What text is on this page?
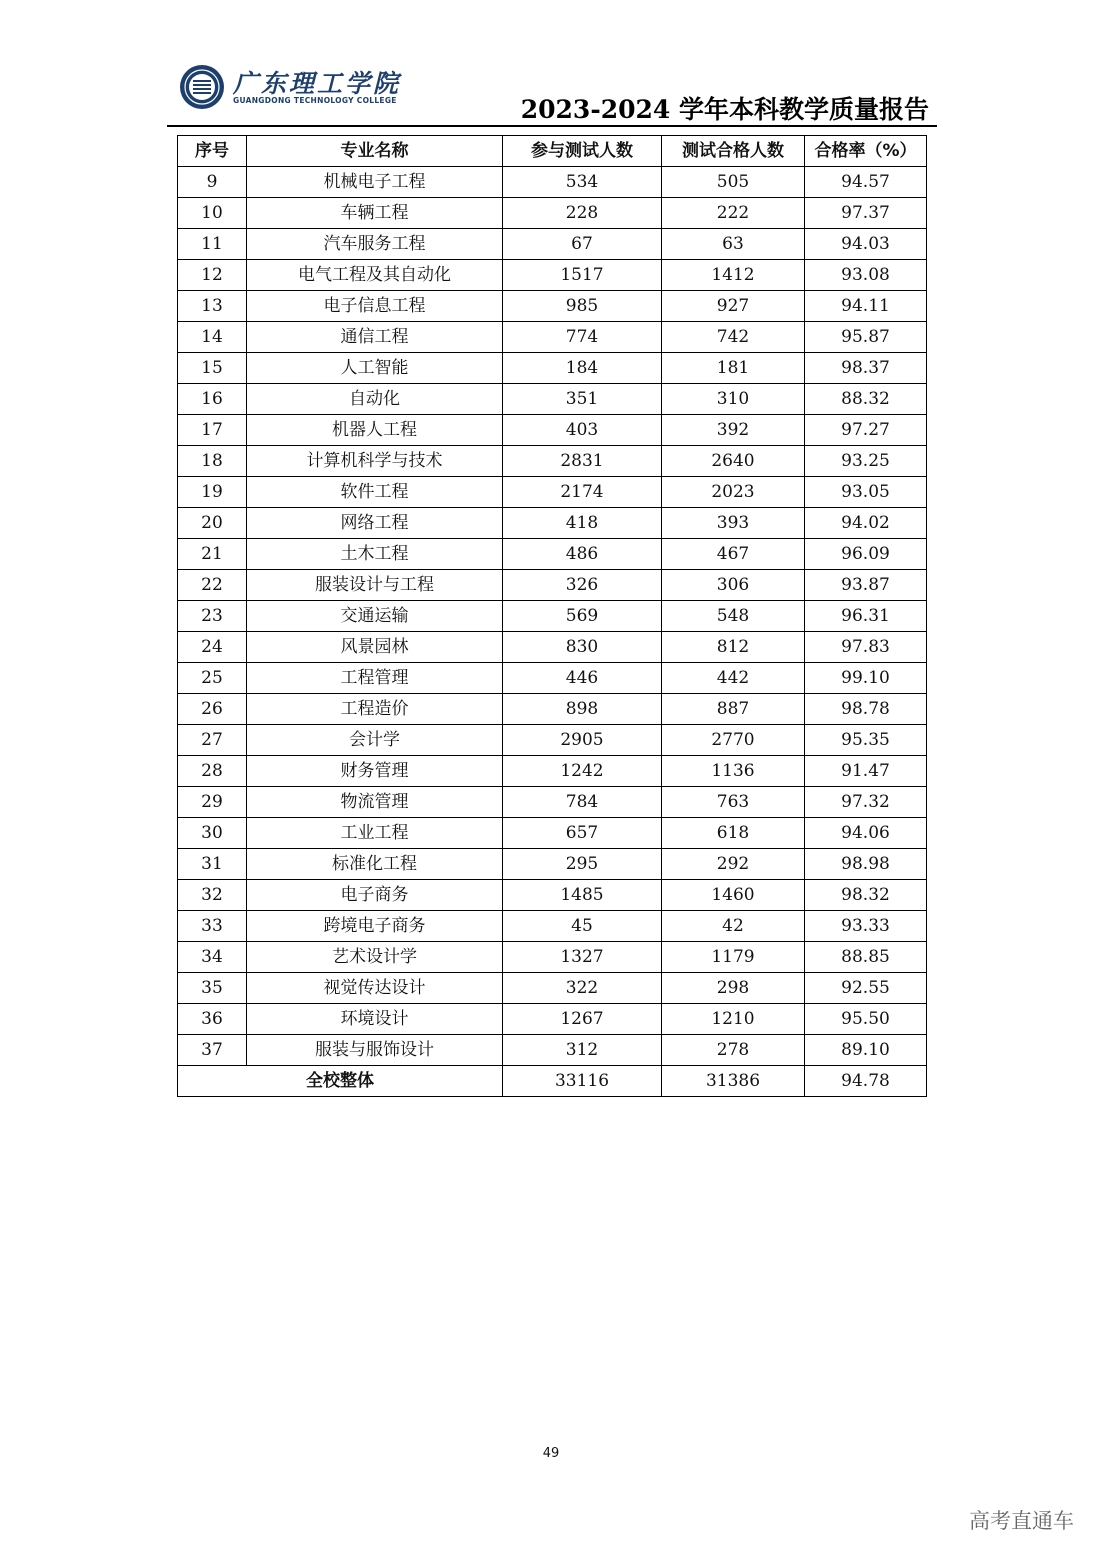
广东理工学院
GUANGDONG TECHNOLOGY COLLEGE	2023-2024 学年本科教学质量报告
序号	专业名称	参与测试人数	测试合格人数	合格率（%）
9	机械电子工程	534	505	94.57
10	车辆工程	228	222	97.37
11	汽车服务工程	67	63	94.03
12	电气工程及其自动化	1517	1412	93.08
13	电子信息工程	985	927	94.11
14	通信工程	774	742	95.87
15	人工智能	184	181	98.37
16	自动化	351	310	88.32
17	机器人工程	403	392	97.27
18	计算机科学与技术	2831	2640	93.25
19	软件工程	2174	2023	93.05
20	网络工程	418	393	94.02
21	土木工程	486	467	96.09
22	服装设计与工程	326	306	93.87
23	交通运输	569	548	96.31
24	风景园林	830	812	97.83
25	工程管理	446	442	99.10
26	工程造价	898	887	98.78
27	会计学	2905	2770	95.35
28	财务管理	1242	1136	91.47
29	物流管理	784	763	97.32
30	工业工程	657	618	94.06
31	标准化工程	295	292	98.98
32	电子商务	1485	1460	98.32
33	跨境电子商务	45	42	93.33
34	艺术设计学	1327	1179	88.85
35	视觉传达设计	322	298	92.55
36	环境设计	1267	1210	95.50
37	服装与服饰设计	312	278	89.10
全校整体		33116	31386	94.78
49
高考直通车
